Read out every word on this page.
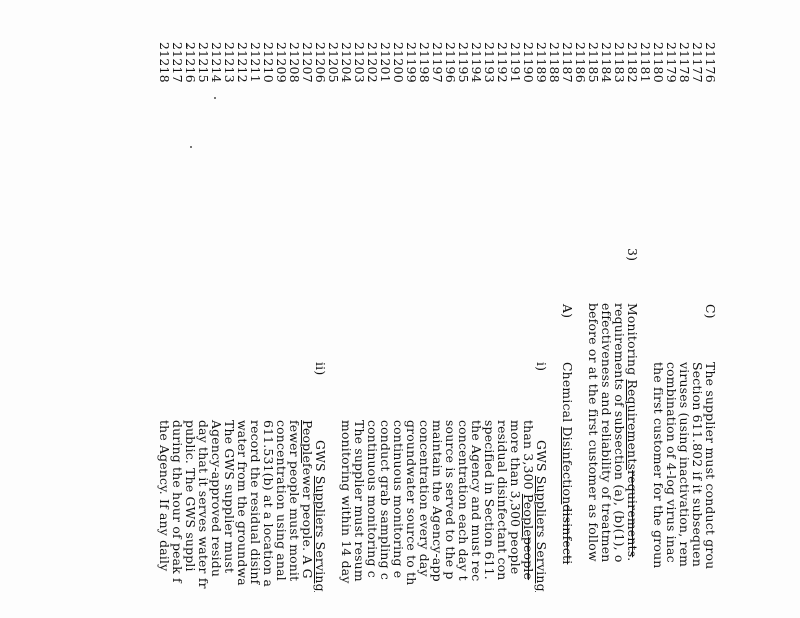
21176
21177
21178
21179
21180
21181
21182
21183
21184
21185
21186
21187
21188
21189
21190
21191
21192
21193
21194
21195
21196
21197
21198
21199
21200
21201
21202
21203
21204
21205
21206
21207
21208
21209
21210
21211
21212
21213
21214
21215
21216
21217
21218
C)
The supplier must conduct grou
Section 611.802 if it subsequen
viruses (using inactivation, rem
combination of 4-log virus inac
the first customer for the groun
3)
Monitoring Requirementsrequirements.
requirements of subsection (a), (b)(1), o
effectiveness and reliability of treatmen
before or at the first customer as follow
A)
Chemical Disinfectiondisinfecti
i)
GWS Suppliers Serving
than 3,300 Peoplepeople
more than 3,300 people
residual disinfectant con
specified in Section 611.
the Agency and must rec
concentration each day t
source is served to the p
maintain the Agency-app
concentration every day
groundwater source to th
continuous monitoring e
conduct grab sampling c
continuous monitoring c
The supplier must resum
monitoring within 14 day
ii)
GWS Suppliers Serving
Peoplefewer people. A G
fewer people must monit
concentration using anal
611.531(b) at a location a
record the residual disinf
water from the groundwa
The GWS supplier must
Agency-approved residu
day that it serves water fr
public. The GWS suppli
during the hour of peak f
the Agency. If any daily
